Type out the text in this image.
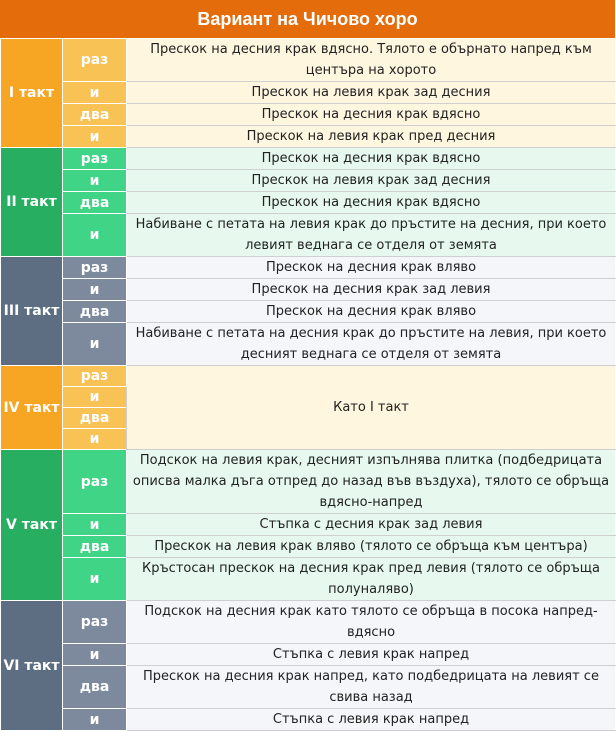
Вариант на Чичово хоро
I такт	раз	Прескок на десния крак вдясно. Тялото е обърнато напред към центъра на хорото
	и	Прескок на левия крак зад десния
	два	Прескок на десния крак вдясно
	и	Прескок на левия крак пред десния
II такт	раз	Прескок на десния крак вдясно
	и	Прескок на левия крак зад десния
	два	Прескок на десния крак вдясно
	и	Набиване с петата на левия крак до пръстите на десния, при което левият веднага се отделя от земята
III такт	раз	Прескок на десния крак вляво
	и	Прескок на десния крак зад левия
	два	Прескок на десния крак вляво
	и	Набиване с петата на десния крак до пръстите на левия, при което десният веднага се отделя от земята
IV такт	раз	Като I такт
	и	
	два	
	и	
V такт	раз	Подскок на левия крак, десният изпълнява плитка (подбедрицата описва малка дъга отпред до назад във въздуха), тялото се обръща вдясно-напред
	и	Стъпка с десния крак зад левия
	два	Прескок на левия крак вляво (тялото се обръща към центъра)
	и	Кръстосан прескок на десния крак пред левия (тялото се обръща полуналяво)
VI такт	раз	Подскок на десния крак като тялото се обръща в посока напред-вдясно
	и	Стъпка с левия крак напред
	два	Прескок на десния крак напред, като подбедрицата на левият се свива назад
	и	Стъпка с левия крак напред
